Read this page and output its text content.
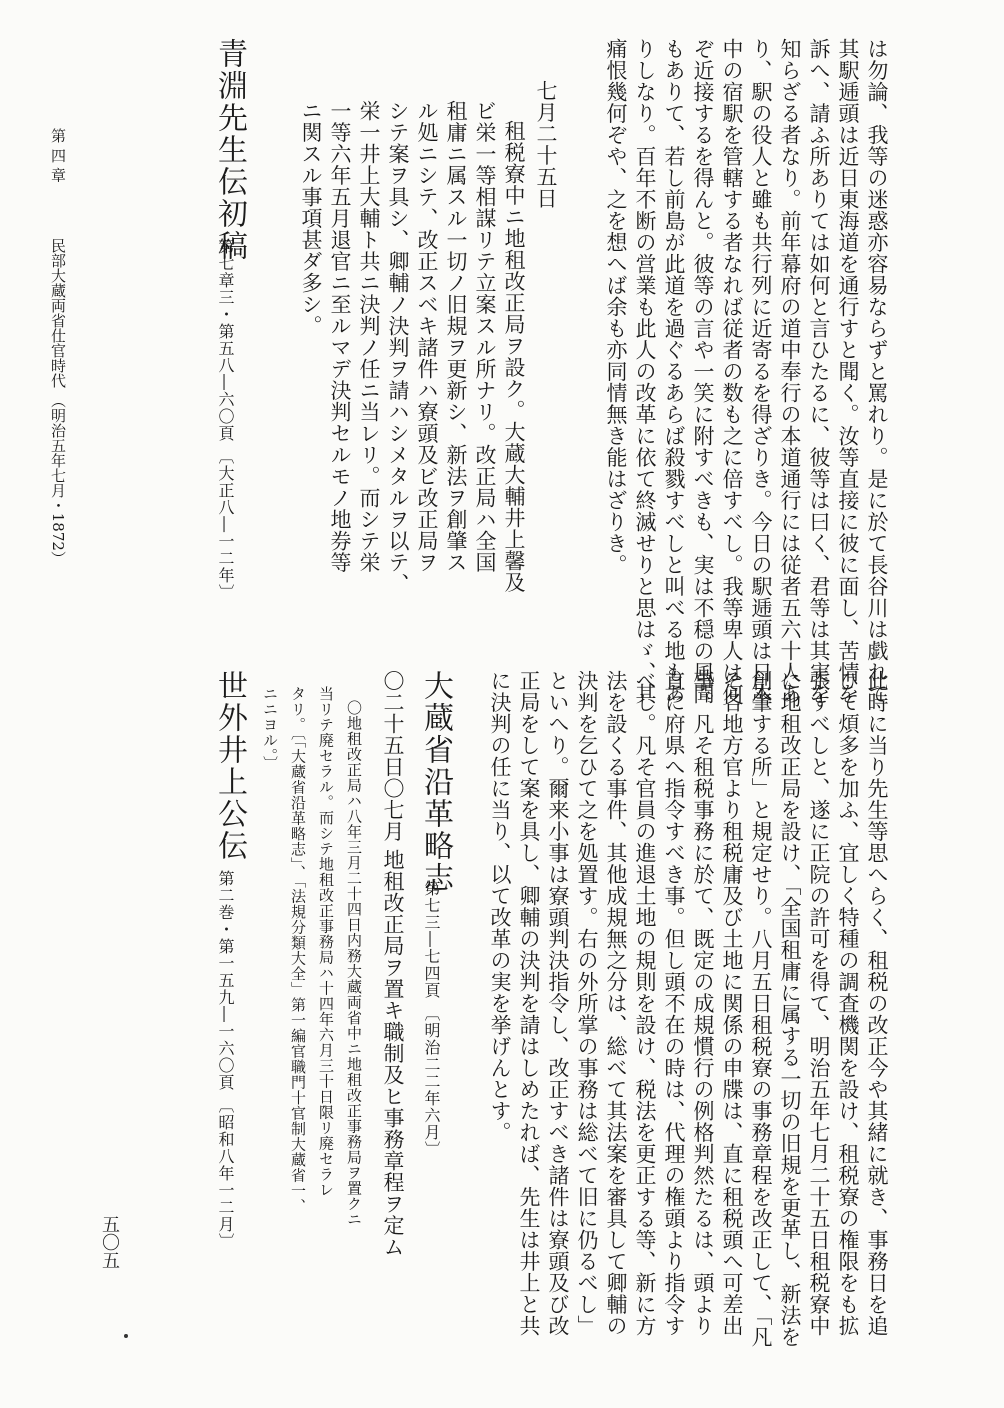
第 四 章
民部大蔵両省仕官時代 （明治五年七月・1872）
五〇五
は勿論、我等の迷惑亦容易ならずと罵れり。是に於て長谷川は戯れて
其駅逓頭は近日東海道を通行すと聞く。汝等直接に彼に面し、苦情を
訴へ、請ふ所ありては如何と言ひたるに、彼等は曰く、君等は其実を
知らざる者なり。前年幕府の道中奉行の本道通行には従者五六十人あ
り、駅の役人と雖も共行列に近寄るを得ざりき。今日の駅逓頭は日本
中の宿駅を管轄する者なれば従者の数も之に倍すべし。我等卑人は何
ぞ近接するを得んと。彼等の言や一笑に附すべきも、実は不穏の風聞
もありて、若し前島が此道を過ぐるあらば殺戮すべしと叫べる地もあ
りしなり。百年不断の営業も此人の改革に依て終滅せりと思はゞ、其
痛恨幾何ぞや、之を想へば余も亦同情無き能はざりき。
七月二十五日
租税寮中ニ地租改正局ヲ設ク。大蔵大輔井上馨及
ビ栄一等相謀リテ立案スル所ナリ。改正局ハ全国
租庸ニ属スル一切ノ旧規ヲ更新シ、新法ヲ創肇ス
ル処ニシテ、改正スベキ諸件ハ寮頭及ビ改正局ヲ
シテ案ヲ具シ、卿輔ノ決判ヲ請ハシメタルヲ以テ、
栄一井上大輔ト共ニ決判ノ任ニ当レリ。而シテ栄
一等六年五月退官ニ至ルマデ決判セルモノ地券等
ニ関スル事項甚ダ多シ。
青淵先生伝初稿
第七章三・第五八―六〇頁 〔大正八―一二年〕
此時に当り先生等思へらく、租税の改正今や其緒に就き、事務日を追
ひて煩多を加ふ、宜しく特種の調査機関を設け、租税寮の権限をも拡
張すべしと、遂に正院の許可を得て、明治五年七月二十五日租税寮中
に地租改正局を設け、「全国租庸に属する一切の旧規を更革し、新法を
創肇する所」と規定せり。八月五日租税寮の事務章程を改正して、「凡
そ各地方官より租税庸及び土地に関係の申牒は、直に租税頭へ可差出
事。凡そ租税事務に於て、既定の成規慣行の例格判然たるは、頭より
直に府県へ指令すべき事。但し頭不在の時は、代理の権頭より指令す
べし。凡そ官員の進退土地の規則を設け、税法を更正する等、新に方
法を設くる事件、其他成規無之分は、総べて其法案を審具して卿輔の
決判を乞ひて之を処置す。右の外所掌の事務は総べて旧に仍るべし」
といへり。爾来小事は寮頭判決指令し、改正すべき諸件は寮頭及び改
正局をして案を具し、卿輔の決判を請はしめたれば、先生は井上と共
に決判の任に当り、以て改革の実を挙げんとす。
大蔵省沿革略志
第七三―七四頁 〔明治二二年六月〕
〇二十五日〇七月 地租改正局ヲ置キ職制及ヒ事務章程ヲ定ム
〇地租改正局ハ八年三月二十四日内務大蔵両省中ニ地租改正事務局ヲ置クニ
当リテ廃セラル。而シテ地租改正事務局ハ十四年六月三十日限リ廃セラレ
タリ。〔「大蔵省沿革略志」、「法規分類大全」第一編官職門十官制大蔵省一、
ニニヨル。〕
世外井上公伝
第二巻・第一五九―一六〇頁 〔昭和八年一二月〕
